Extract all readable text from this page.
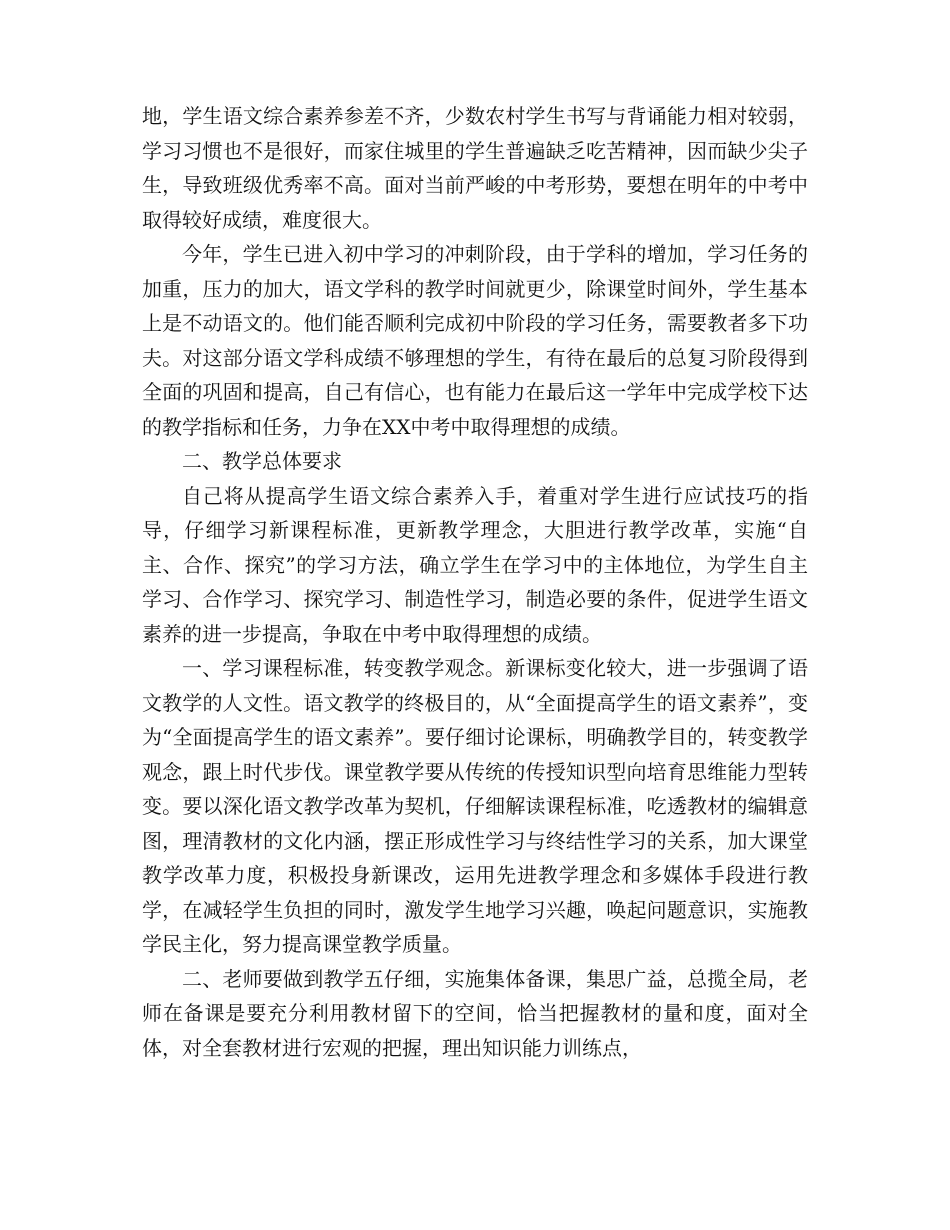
地，学生语文综合素养参差不齐，少数农村学生书写与背诵能力相对较弱，学习习惯也不是很好，而家住城里的学生普遍缺乏吃苦精神，因而缺少尖子生，导致班级优秀率不高。面对当前严峻的中考形势，要想在明年的中考中取得较好成绩，难度很大。

今年，学生已进入初中学习的冲刺阶段，由于学科的增加，学习任务的加重，压力的加大，语文学科的教学时间就更少，除课堂时间外，学生基本上是不动语文的。他们能否顺利完成初中阶段的学习任务，需要教者多下功夫。对这部分语文学科成绩不够理想的学生，有待在最后的总复习阶段得到全面的巩固和提高，自己有信心，也有能力在最后这一学年中完成学校下达的教学指标和任务，力争在XX中考中取得理想的成绩。

二、教学总体要求

自己将从提高学生语文综合素养入手，着重对学生进行应试技巧的指导，仔细学习新课程标准，更新教学理念，大胆进行教学改革，实施“自主、合作、探究”的学习方法，确立学生在学习中的主体地位，为学生自主学习、合作学习、探究学习、制造性学习，制造必要的条件，促进学生语文素养的进一步提高，争取在中考中取得理想的成绩。

一、学习课程标准，转变教学观念。新课标变化较大，进一步强调了语文教学的人文性。语文教学的终极目的，从“全面提高学生的语文素养”，变为“全面提高学生的语文素养”。要仔细讨论课标，明确教学目的，转变教学观念，跟上时代步伐。课堂教学要从传统的传授知识型向培育思维能力型转变。要以深化语文教学改革为契机，仔细解读课程标准，吃透教材的编辑意图，理清教材的文化内涵，摆正形成性学习与终结性学习的关系，加大课堂教学改革力度，积极投身新课改，运用先进教学理念和多媒体手段进行教学，在减轻学生负担的同时，激发学生地学习兴趣，唤起问题意识，实施教学民主化，努力提高课堂教学质量。

二、老师要做到教学五仔细，实施集体备课，集思广益，总揽全局，老师在备课是要充分利用教材留下的空间，恰当把握教材的量和度，面对全体，对全套教材进行宏观的把握，理出知识能力训练点，
